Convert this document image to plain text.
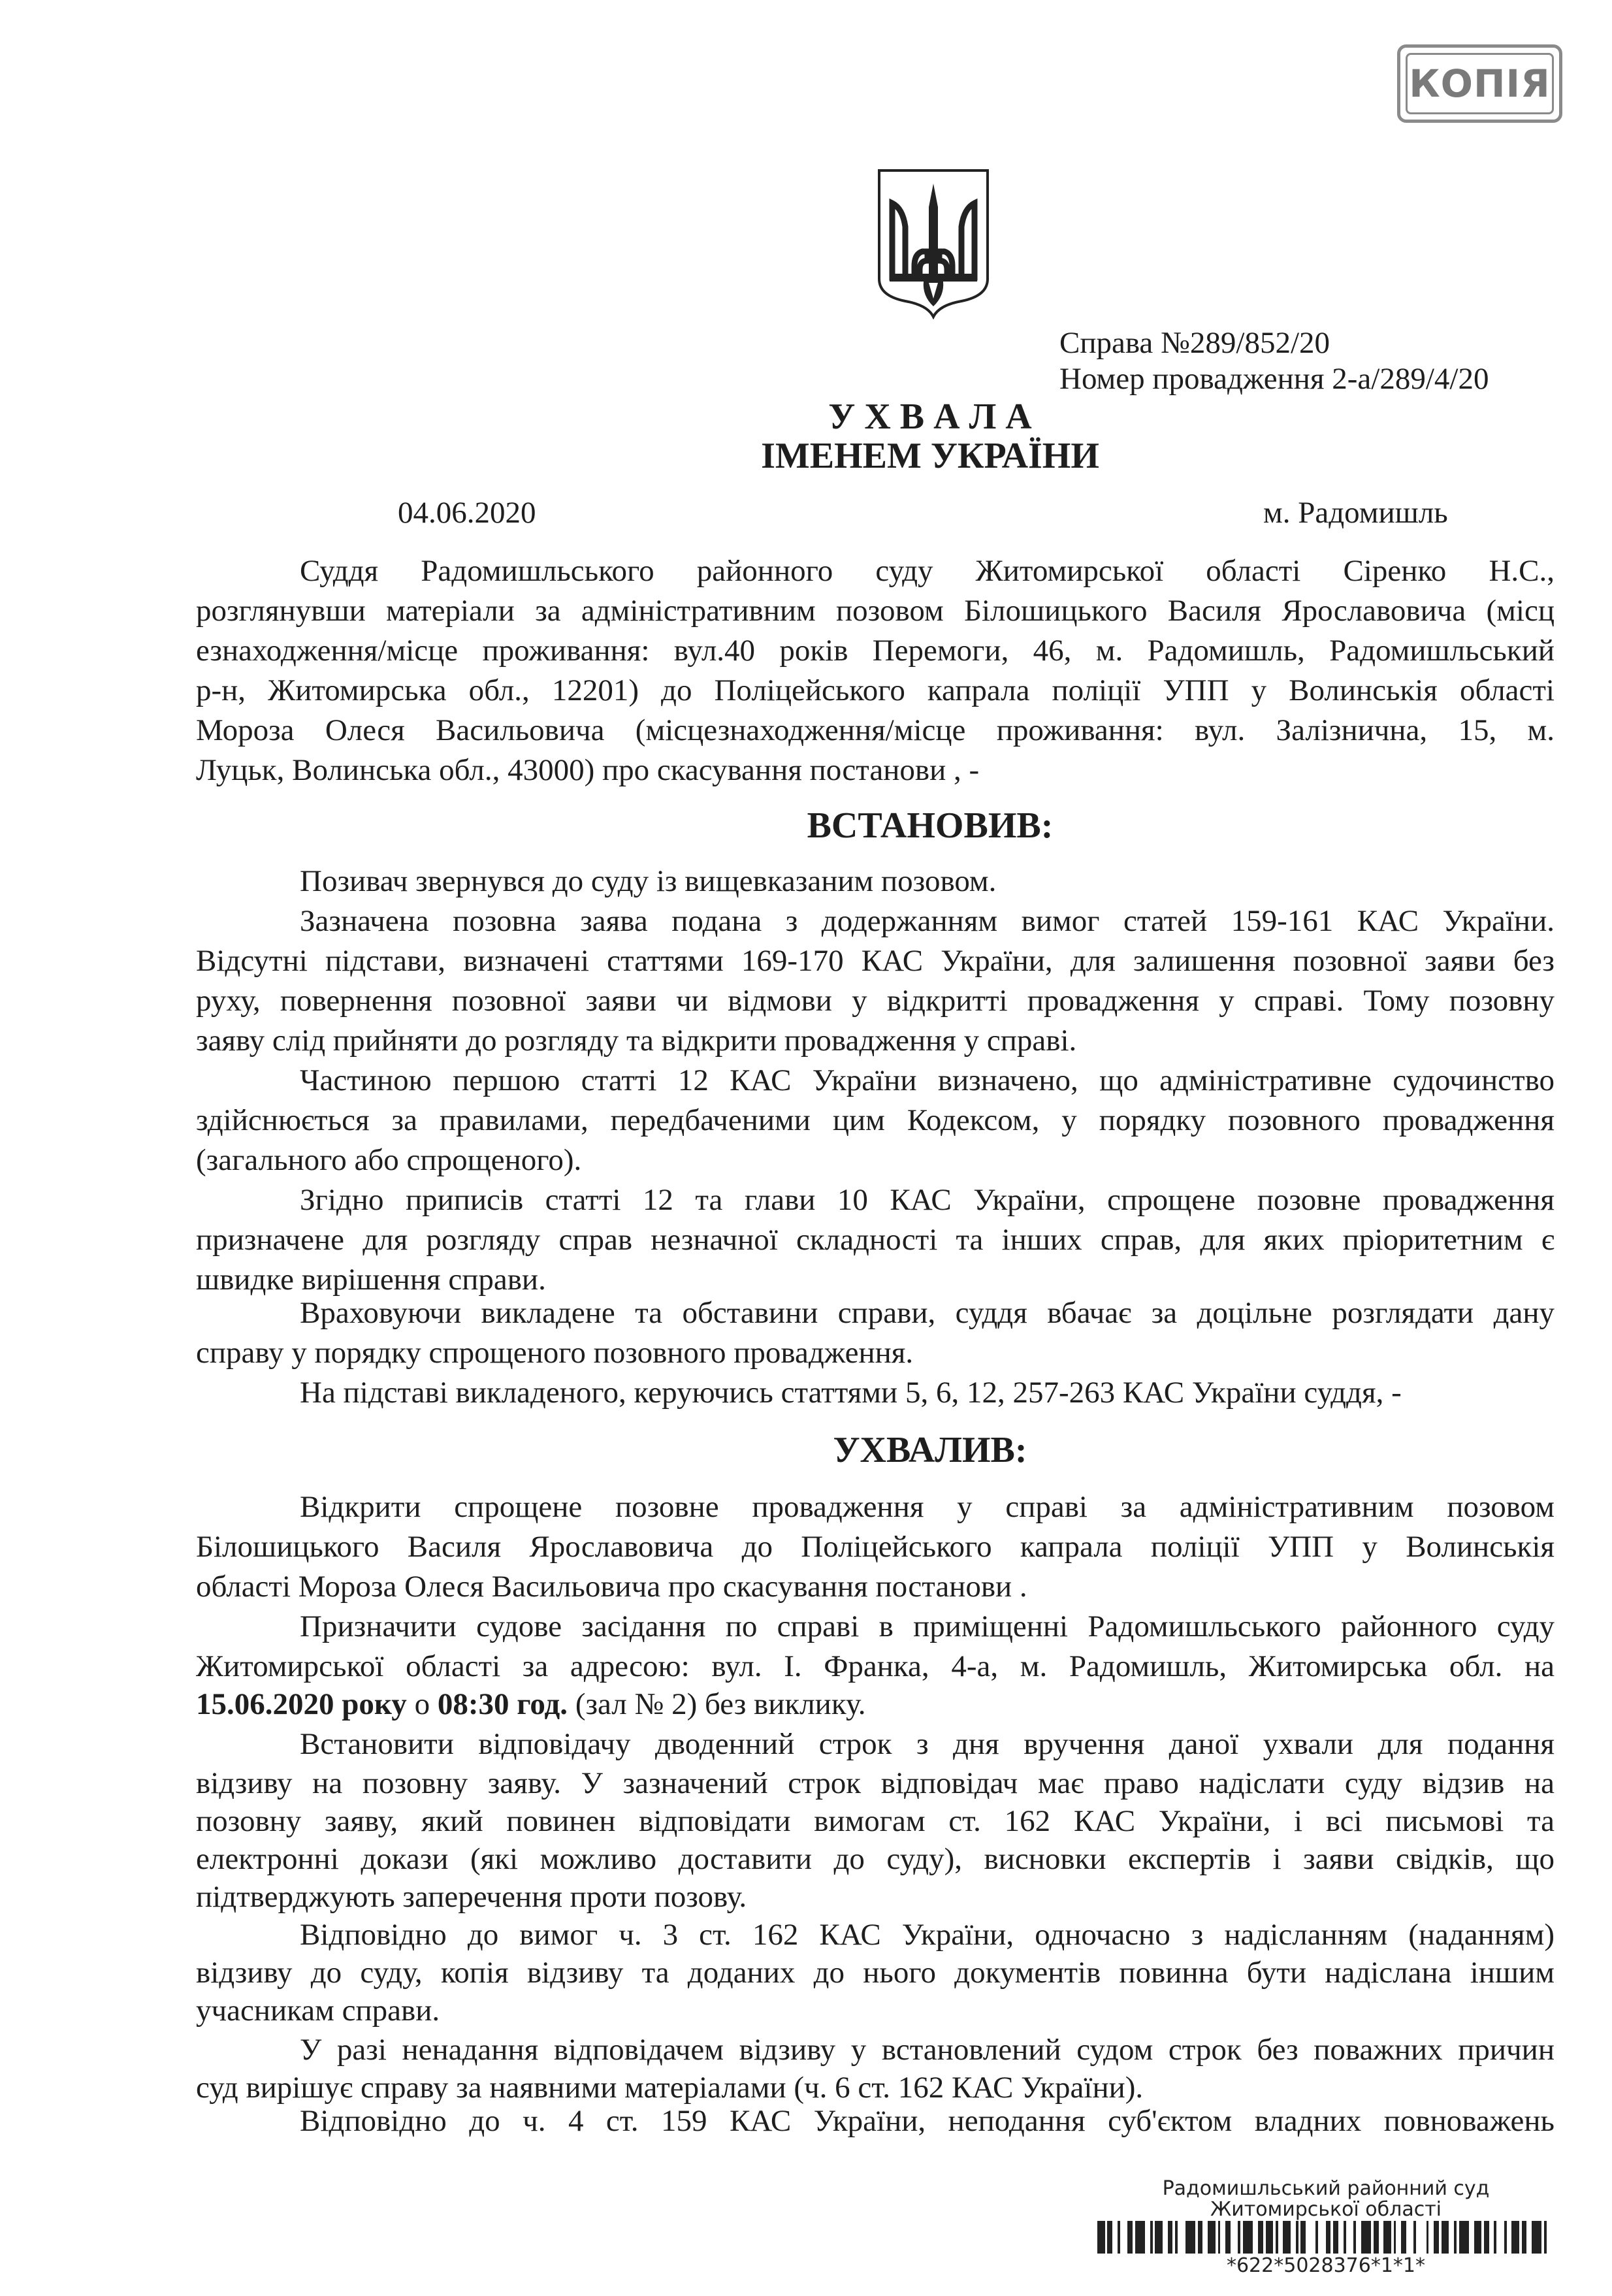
КОПІЯ
Справа №289/852/20
Номер провадження 2-а/289/4/20
У Х В А Л А
ІМЕНЕМ УКРАЇНИ
04.06.2020	м. Радомишль
Суддя Радомишльського районного суду Житомирської області Сіренко Н.С.,
розглянувши матеріали за адміністративним позовом Білошицького Василя Ярославовича (місц
езнаходження/місце проживання: вул.40 років Перемоги, 46, м. Радомишль, Радомишльський
р-н, Житомирська обл., 12201) до Поліцейського капрала поліції УПП у Волинськія області
Мороза Олеся Васильовича (місцезнаходження/місце проживання: вул. Залізнична, 15, м.
Луцьк, Волинська обл., 43000) про скасування постанови , -
ВСТАНОВИВ:
Позивач звернувся до суду із вищевказаним позовом.
Зазначена позовна заява подана з додержанням вимог статей 159-161 КАС України.
Відсутні підстави, визначені статтями 169-170 КАС України, для залишення позовної заяви без
руху, повернення позовної заяви чи відмови у відкритті провадження у справі. Тому позовну
заяву слід прийняти до розгляду та відкрити провадження у справі.
Частиною першою статті 12 КАС України визначено, що адміністративне судочинство
здійснюється за правилами, передбаченими цим Кодексом, у порядку позовного провадження
(загального або спрощеного).
Згідно приписів статті 12 та глави 10 КАС України, спрощене позовне провадження
призначене для розгляду справ незначної складності та інших справ, для яких пріоритетним є
швидке вирішення справи.
Враховуючи викладене та обставини справи, суддя вбачає за доцільне розглядати дану
справу у порядку спрощеного позовного провадження.
На підставі викладеного, керуючись статтями 5, 6, 12, 257-263 КАС України суддя, -
УХВАЛИВ:
Відкрити спрощене позовне провадження у справі за адміністративним позовом
Білошицького Василя Ярославовича до Поліцейського капрала поліції УПП у Волинськія
області Мороза Олеся Васильовича про скасування постанови .
Призначити судове засідання по справі в приміщенні Радомишльського районного суду
Житомирської області за адресою: вул. І. Франка, 4-а, м. Радомишль, Житомирська обл. на
15.06.2020 року о 08:30 год. (зал № 2) без виклику.
Встановити відповідачу дводенний строк з дня вручення даної ухвали для подання
відзиву на позовну заяву. У зазначений строк відповідач має право надіслати суду відзив на
позовну заяву, який повинен відповідати вимогам ст. 162 КАС України, і всі письмові та
електронні докази (які можливо доставити до суду), висновки експертів і заяви свідків, що
підтверджують заперечення проти позову.
Відповідно до вимог ч. 3 ст. 162 КАС України, одночасно з надісланням (наданням)
відзиву до суду, копія відзиву та доданих до нього документів повинна бути надіслана іншим
учасникам справи.
У разі ненадання відповідачем відзиву у встановлений судом строк без поважних причин
суд вирішує справу за наявними матеріалами (ч. 6 ст. 162 КАС України).
Відповідно до ч. 4 ст. 159 КАС України, неподання суб'єктом владних повноважень
Радомишльський районний суд
Житомирської області
*622*5028376*1*1*
